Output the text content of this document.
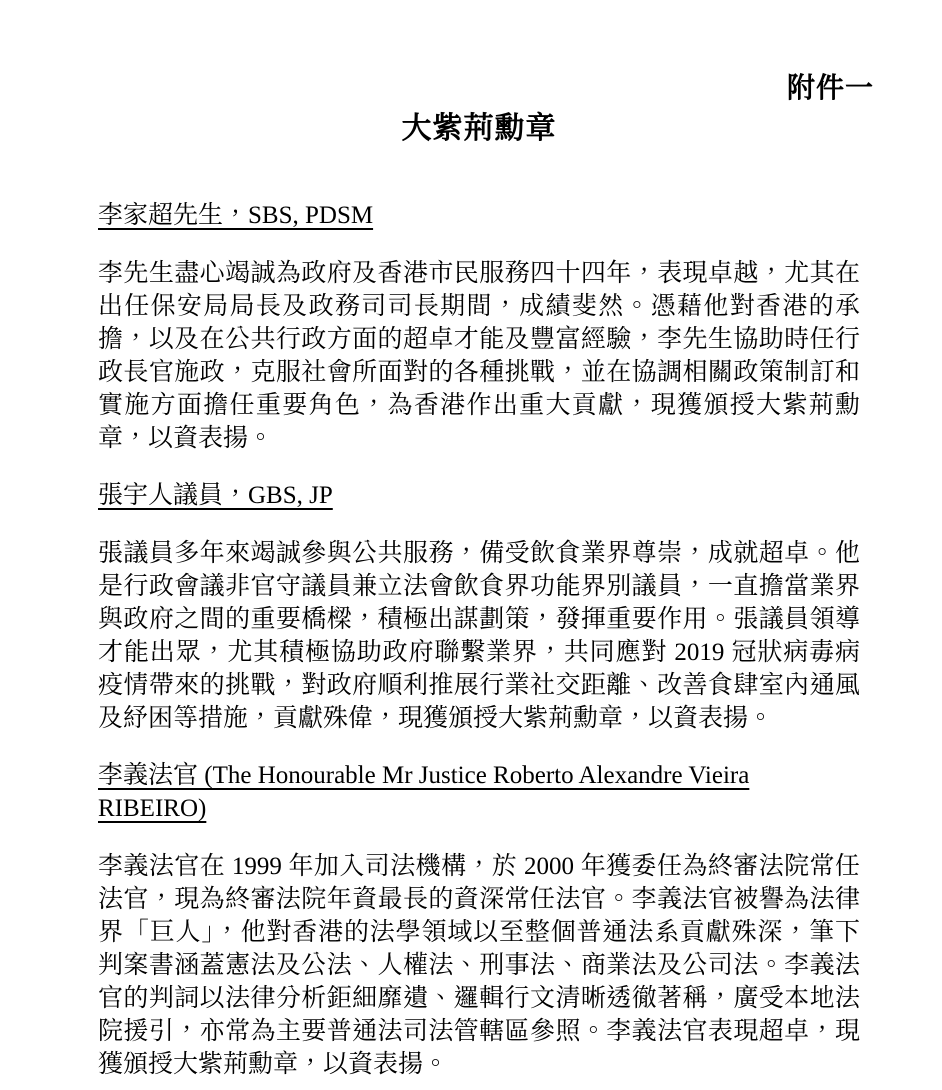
附件一
大紫荊勳章
李家超先生，SBS, PDSM

李先生盡心竭誠為政府及香港市民服務四十四年，表現卓越，尤其在出任保安局局長及政務司司長期間，成績斐然。憑藉他對香港的承擔，以及在公共行政方面的超卓才能及豐富經驗，李先生協助時任行政長官施政，克服社會所面對的各種挑戰，並在協調相關政策制訂和實施方面擔任重要角色，為香港作出重大貢獻，現獲頒授大紫荊勳章，以資表揚。

張宇人議員，GBS, JP

張議員多年來竭誠參與公共服務，備受飲食業界尊崇，成就超卓。他是行政會議非官守議員兼立法會飲食界功能界別議員，一直擔當業界與政府之間的重要橋樑，積極出謀劃策，發揮重要作用。張議員領導才能出眾，尤其積極協助政府聯繫業界，共同應對 2019 冠狀病毒病疫情帶來的挑戰，對政府順利推展行業社交距離、改善食肆室內通風及紓困等措施，貢獻殊偉，現獲頒授大紫荊勳章，以資表揚。

李義法官 (The Honourable Mr Justice Roberto Alexandre Vieira RIBEIRO)

李義法官在 1999 年加入司法機構，於 2000 年獲委任為終審法院常任法官，現為終審法院年資最長的資深常任法官。李義法官被譽為法律界「巨人」，他對香港的法學領域以至整個普通法系貢獻殊深，筆下判案書涵蓋憲法及公法、人權法、刑事法、商業法及公司法。李義法官的判詞以法律分析鉅細靡遺、邏輯行文清晰透徹著稱，廣受本地法院援引，亦常為主要普通法司法管轄區參照。李義法官表現超卓，現獲頒授大紫荊勳章，以資表揚。
